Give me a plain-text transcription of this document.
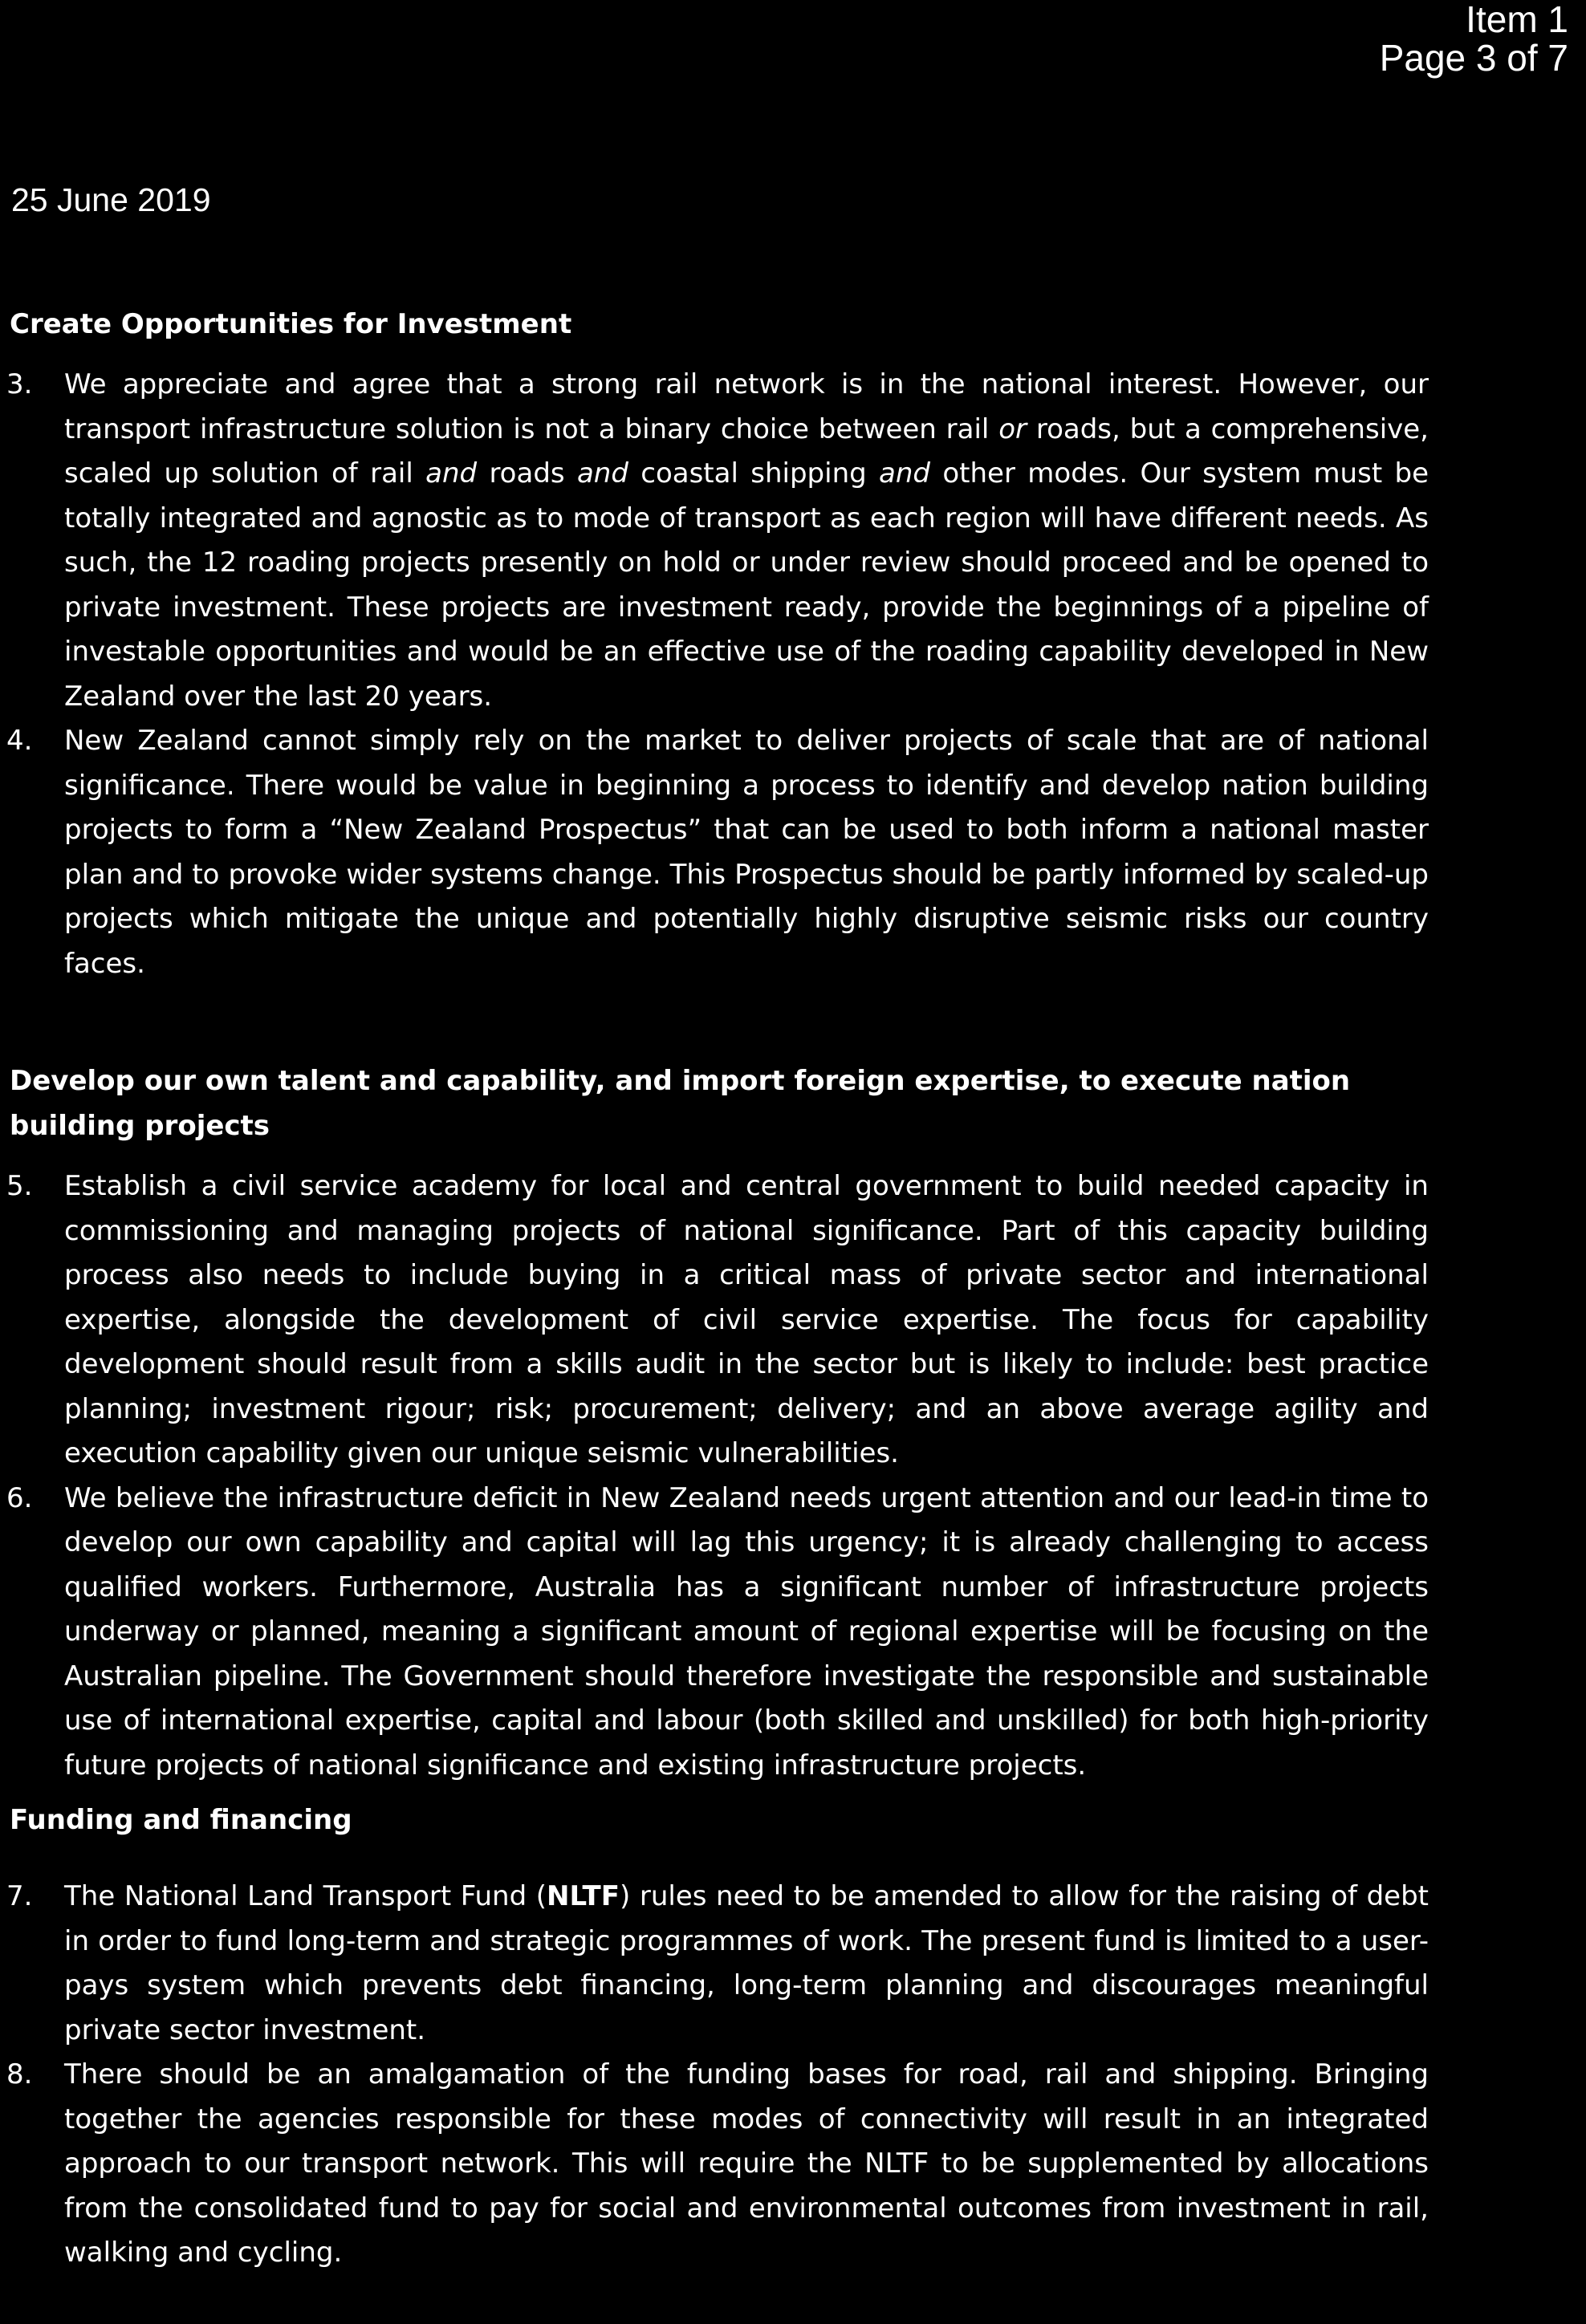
Item 1
Page 3 of 7
25 June 2019
Create Opportunities for Investment
3. We appreciate and agree that a strong rail network is in the national interest. However, our transport infrastructure solution is not a binary choice between rail or roads, but a comprehensive, scaled up solution of rail and roads and coastal shipping and other modes. Our system must be totally integrated and agnostic as to mode of transport as each region will have different needs. As such, the 12 roading projects presently on hold or under review should proceed and be opened to private investment. These projects are investment ready, provide the beginnings of a pipeline of investable opportunities and would be an effective use of the roading capability developed in New Zealand over the last 20 years.
4. New Zealand cannot simply rely on the market to deliver projects of scale that are of national significance. There would be value in beginning a process to identify and develop nation building projects to form a “New Zealand Prospectus” that can be used to both inform a national master plan and to provoke wider systems change. This Prospectus should be partly informed by scaled-up projects which mitigate the unique and potentially highly disruptive seismic risks our country faces.
Develop our own talent and capability, and import foreign expertise, to execute nation building projects
5. Establish a civil service academy for local and central government to build needed capacity in commissioning and managing projects of national significance. Part of this capacity building process also needs to include buying in a critical mass of private sector and international expertise, alongside the development of civil service expertise. The focus for capability development should result from a skills audit in the sector but is likely to include: best practice planning; investment rigour; risk; procurement; delivery; and an above average agility and execution capability given our unique seismic vulnerabilities.
6. We believe the infrastructure deficit in New Zealand needs urgent attention and our lead-in time to develop our own capability and capital will lag this urgency; it is already challenging to access qualified workers. Furthermore, Australia has a significant number of infrastructure projects underway or planned, meaning a significant amount of regional expertise will be focusing on the Australian pipeline. The Government should therefore investigate the responsible and sustainable use of international expertise, capital and labour (both skilled and unskilled) for both high-priority future projects of national significance and existing infrastructure projects.
Funding and financing
7. The National Land Transport Fund (NLTF) rules need to be amended to allow for the raising of debt in order to fund long-term and strategic programmes of work. The present fund is limited to a user-pays system which prevents debt financing, long-term planning and discourages meaningful private sector investment.
8. There should be an amalgamation of the funding bases for road, rail and shipping. Bringing together the agencies responsible for these modes of connectivity will result in an integrated approach to our transport network. This will require the NLTF to be supplemented by allocations from the consolidated fund to pay for social and environmental outcomes from investment in rail, walking and cycling.
